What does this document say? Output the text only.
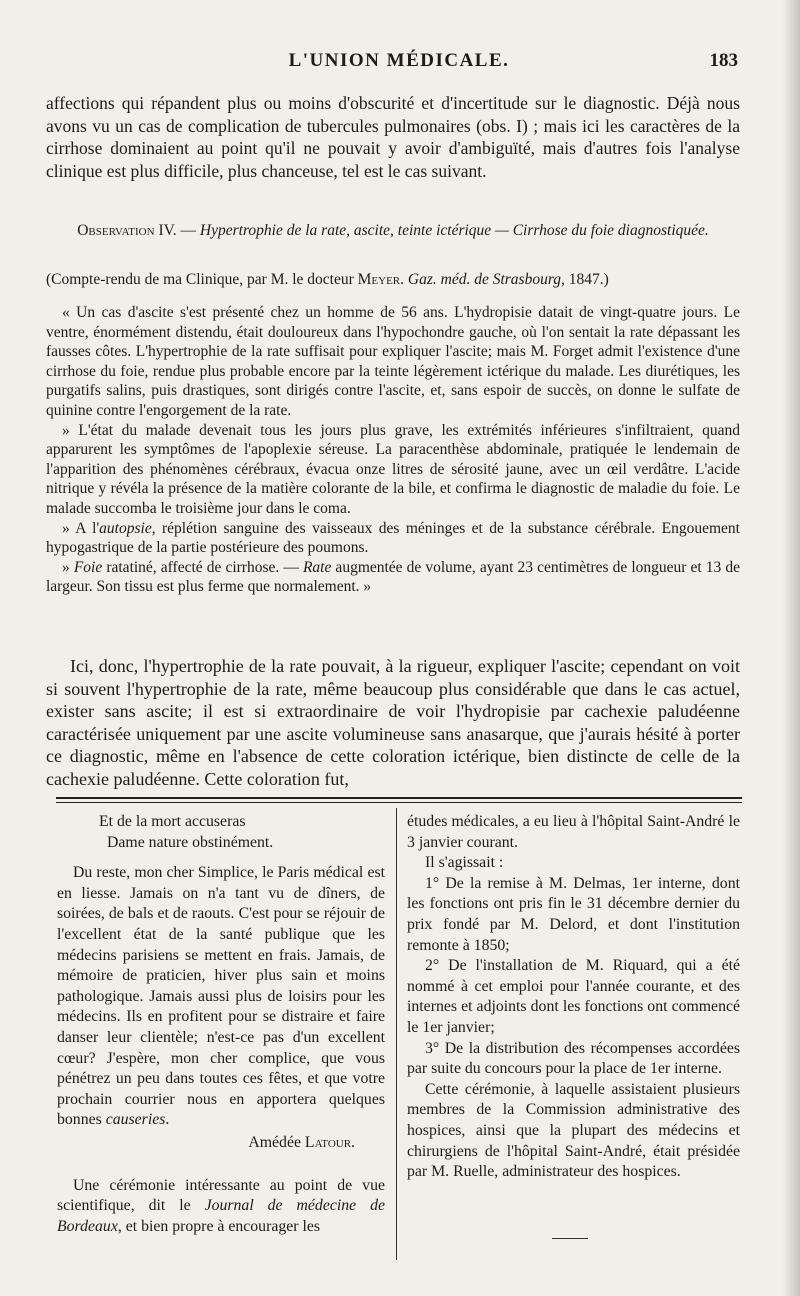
L'UNION MÉDICALE.	183

affections qui répandent plus ou moins d'obscurité et d'incertitude sur le diagnostic. Déjà nous avons vu un cas de complication de tubercules pulmonaires (obs. I) ; mais ici les caractères de la cirrhose dominaient au point qu'il ne pouvait y avoir d'ambiguïté, mais d'autres fois l'analyse clinique est plus difficile, plus chanceuse, tel est le cas suivant.

Observation IV. — Hypertrophie de la rate, ascite, teinte ictérique — Cirrhose du foie diagnostiquée.
(Compte-rendu de ma Clinique, par M. le docteur Meyer. Gaz. méd. de Strasbourg, 1847.)

« Un cas d'ascite s'est présenté chez un homme de 56 ans. L'hydropisie datait de vingt-quatre jours. Le ventre, énormément distendu, était douloureux dans l'hypochondre gauche, où l'on sentait la rate dépassant les fausses côtes. L'hypertrophie de la rate suffisait pour expliquer l'ascite; mais M. Forget admit l'existence d'une cirrhose du foie, rendue plus probable encore par la teinte légèrement ictérique du malade. Les diurétiques, les purgatifs salins, puis drastiques, sont dirigés contre l'ascite, et, sans espoir de succès, on donne le sulfate de quinine contre l'engorgement de la rate.

» L'état du malade devenait tous les jours plus grave, les extrémités inférieures s'infiltraient, quand apparurent les symptômes de l'apoplexie séreuse. La paracenthèse abdominale, pratiquée le lendemain de l'apparition des phénomènes cérébraux, évacua onze litres de sérosité jaune, avec un œil verdâtre. L'acide nitrique y révéla la présence de la matière colorante de la bile, et confirma le diagnostic de maladie du foie. Le malade succomba le troisième jour dans le coma.

» A l'autopsie, réplétion sanguine des vaisseaux des méninges et de la substance cérébrale. Engouement hypogastrique de la partie postérieure des poumons.

» Foie ratatiné, affecté de cirrhose. — Rate augmentée de volume, ayant 23 centimètres de longueur et 13 de largeur. Son tissu est plus ferme que normalement. »

Ici, donc, l'hypertrophie de la rate pouvait, à la rigueur, expliquer l'ascite; cependant on voit si souvent l'hypertrophie de la rate, même beaucoup plus considérable que dans le cas actuel, exister sans ascite; il est si extraordinaire de voir l'hydropisie par cachexie paludéenne caractérisée uniquement par une ascite volumineuse sans anasarque, que j'aurais hésité à porter ce diagnostic, même en l'absence de cette coloration ictérique, bien distincte de celle de la cachexie paludéenne. Cette coloration fut,

Et de la mort accuseras

Dame nature obstinément.

Du reste, mon cher Simplice, le Paris médical est en liesse. Jamais on n'a tant vu de dîners, de soirées, de bals et de raouts. C'est pour se réjouir de l'excellent état de la santé publique que les médecins parisiens se mettent en frais. Jamais, de mémoire de praticien, hiver plus sain et moins pathologique. Jamais aussi plus de loisirs pour les médecins. Ils en profitent pour se distraire et faire danser leur clientèle; n'est-ce pas d'un excellent cœur? J'espère, mon cher complice, que vous pénétrez un peu dans toutes ces fêtes, et que votre prochain courrier nous en apportera quelques bonnes causeries.

Amédée Latour.

Une cérémonie intéressante au point de vue scientifique, dit le Journal de médecine de Bordeaux, et bien propre à encourager les

études médicales, a eu lieu à l'hôpital Saint-André le 3 janvier courant.

Il s'agissait :

1° De la remise à M. Delmas, 1er interne, dont les fonctions ont pris fin le 31 décembre dernier du prix fondé par M. Delord, et dont l'institution remonte à 1850;

2° De l'installation de M. Riquard, qui a été nommé à cet emploi pour l'année courante, et des internes et adjoints dont les fonctions ont commencé le 1er janvier;

3° De la distribution des récompenses accordées par suite du concours pour la place de 1er interne.

Cette cérémonie, à laquelle assistaient plusieurs membres de la Commission administrative des hospices, ainsi que la plupart des médecins et chirurgiens de l'hôpital Saint-André, était présidée par M. Ruelle, administrateur des hospices.
